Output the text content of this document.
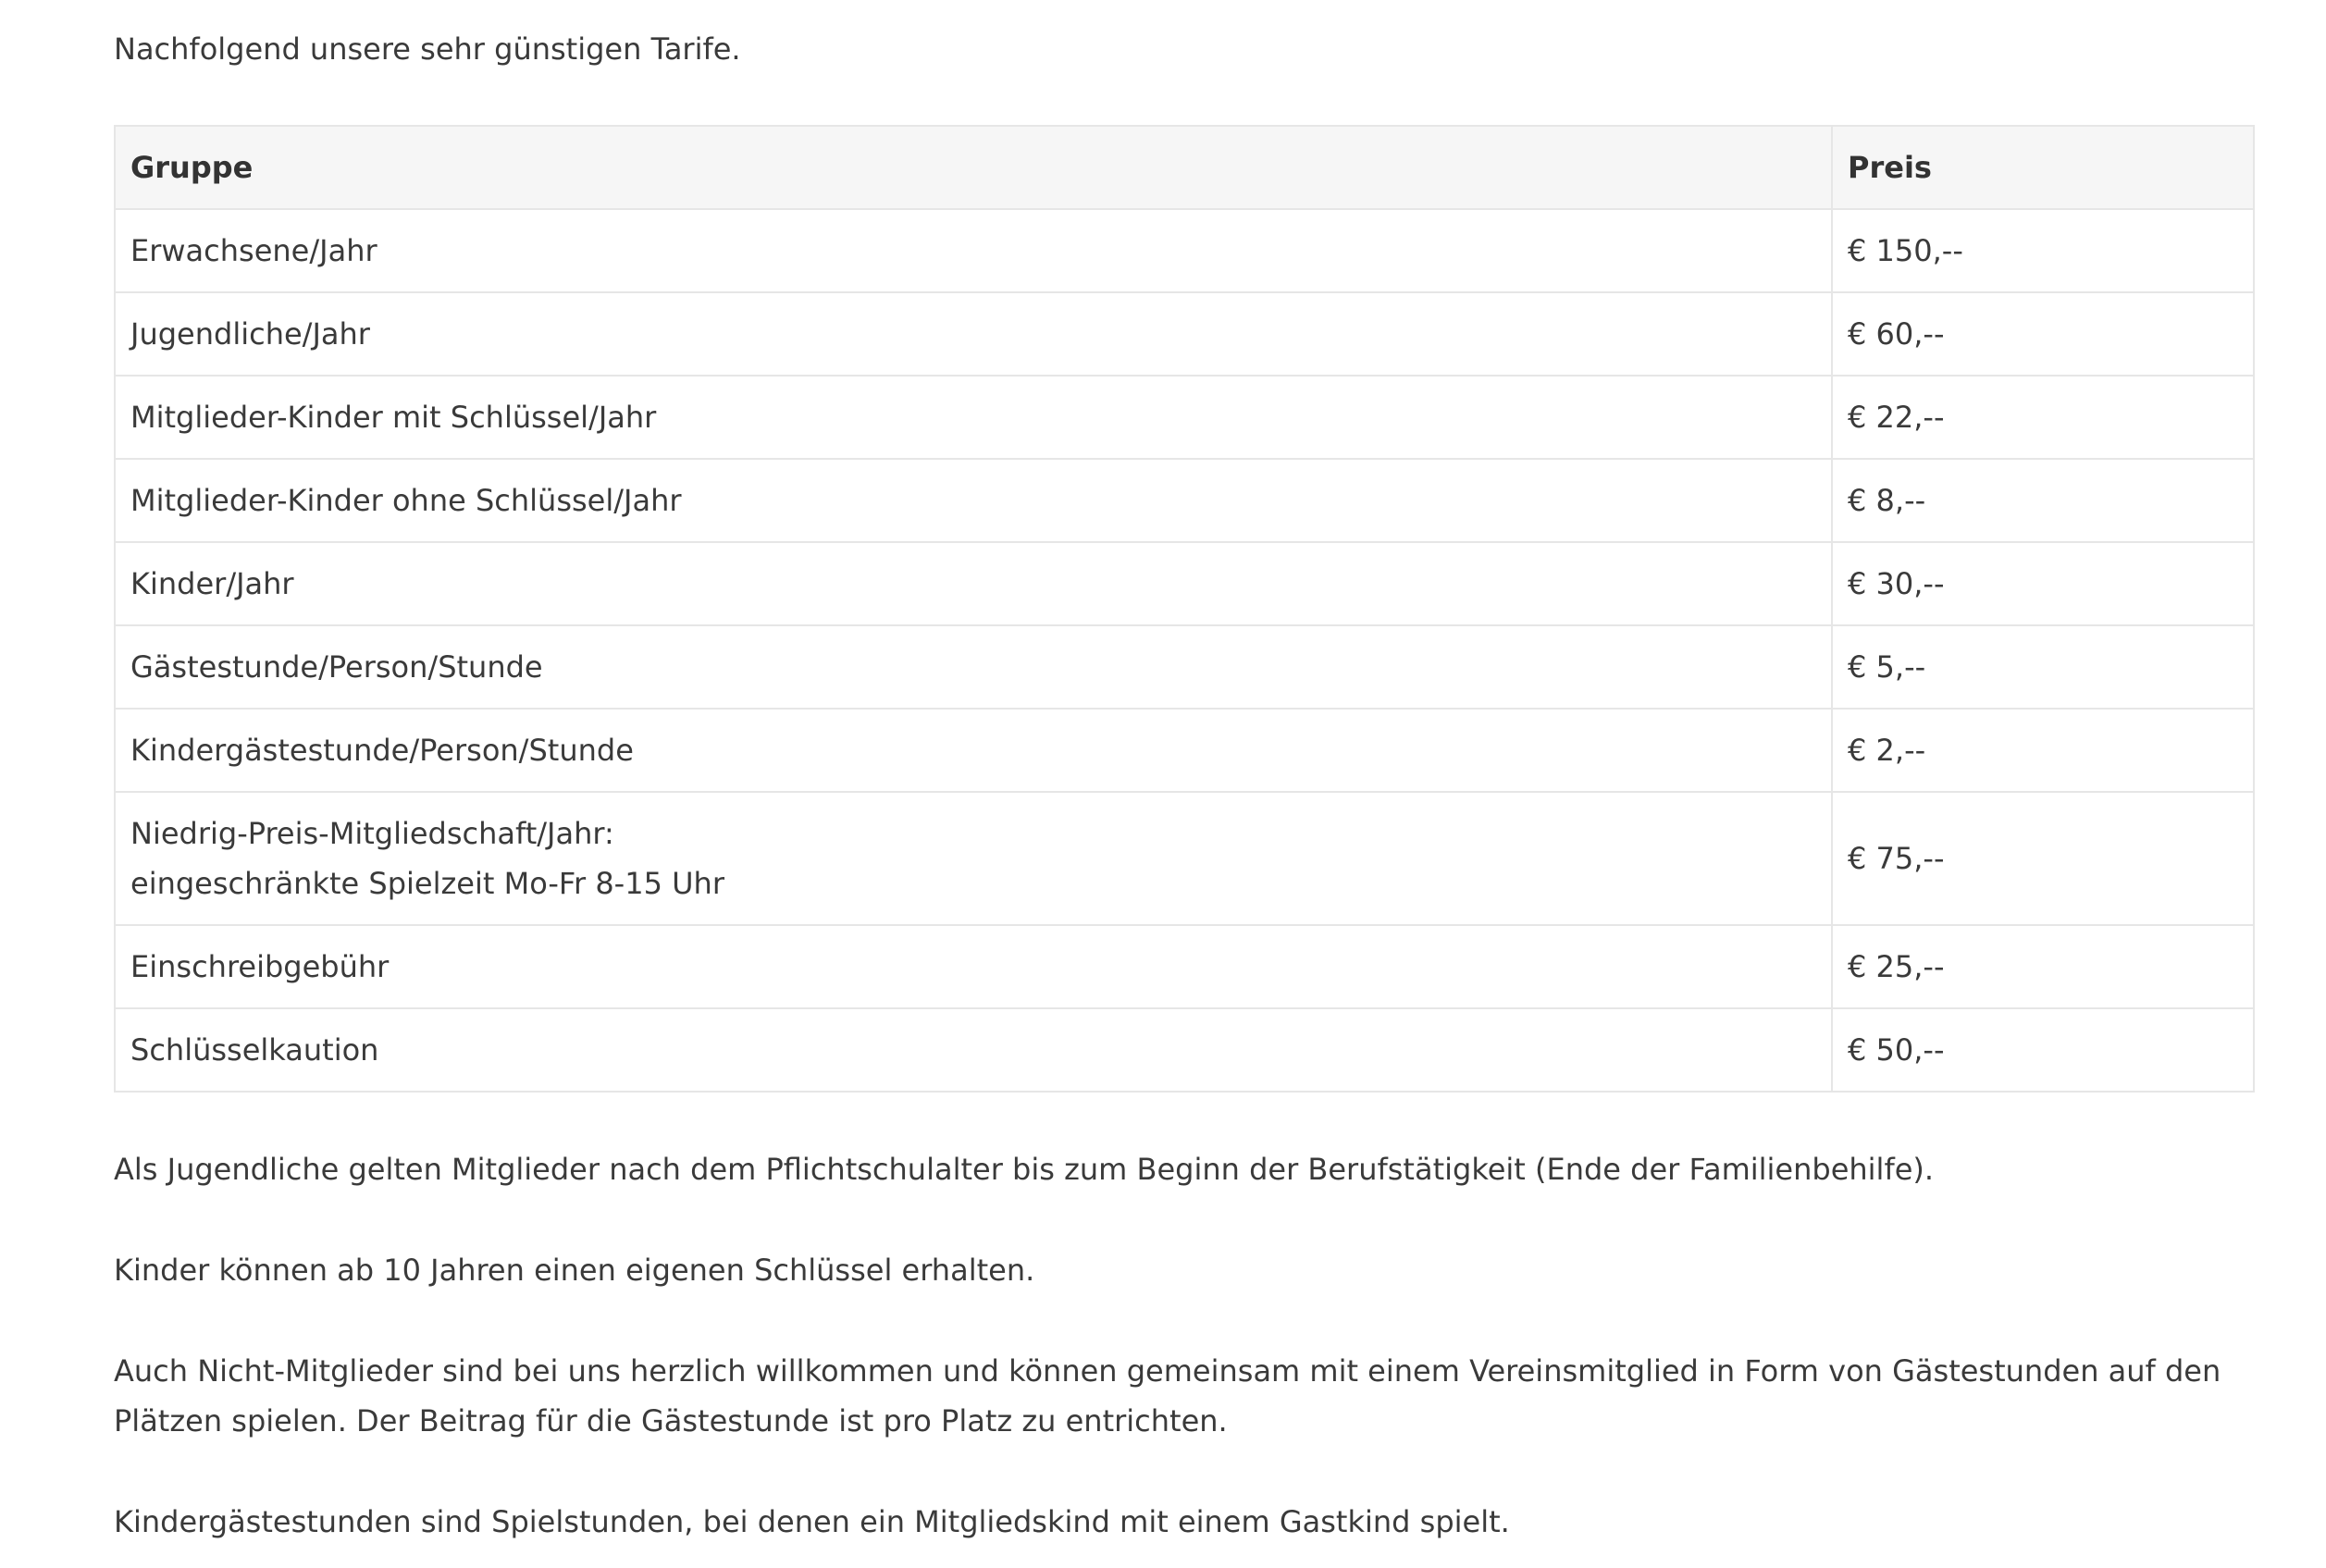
Nachfolgend unsere sehr günstigen Tarife.

Gruppe	Preis
Erwachsene/Jahr	€ 150,--
Jugendliche/Jahr	€ 60,--
Mitglieder-Kinder mit Schlüssel/Jahr	€ 22,--
Mitglieder-Kinder ohne Schlüssel/Jahr	€ 8,--
Kinder/Jahr	€ 30,--
Gästestunde/Person/Stunde	€ 5,--
Kindergästestunde/Person/Stunde	€ 2,--

Niedrig-Preis-Mitgliedschaft/Jahr:
eingeschränkte Spielzeit Mo-Fr 8-15 Uhr	€ 75,--
Einschreibgebühr	€ 25,--
Schlüsselkaution	€ 50,--

Als Jugendliche gelten Mitglieder nach dem Pflichtschulalter bis zum Beginn der Berufstätigkeit (Ende der Familienbehilfe).

Kinder können ab 10 Jahren einen eigenen Schlüssel erhalten.

Auch Nicht-Mitglieder sind bei uns herzlich willkommen und können gemeinsam mit einem Vereinsmitglied in Form von Gästestunden auf den Plätzen spielen. Der Beitrag für die Gästestunde ist pro Platz zu entrichten.

Kindergästestunden sind Spielstunden, bei denen ein Mitgliedskind mit einem Gastkind spielt.
